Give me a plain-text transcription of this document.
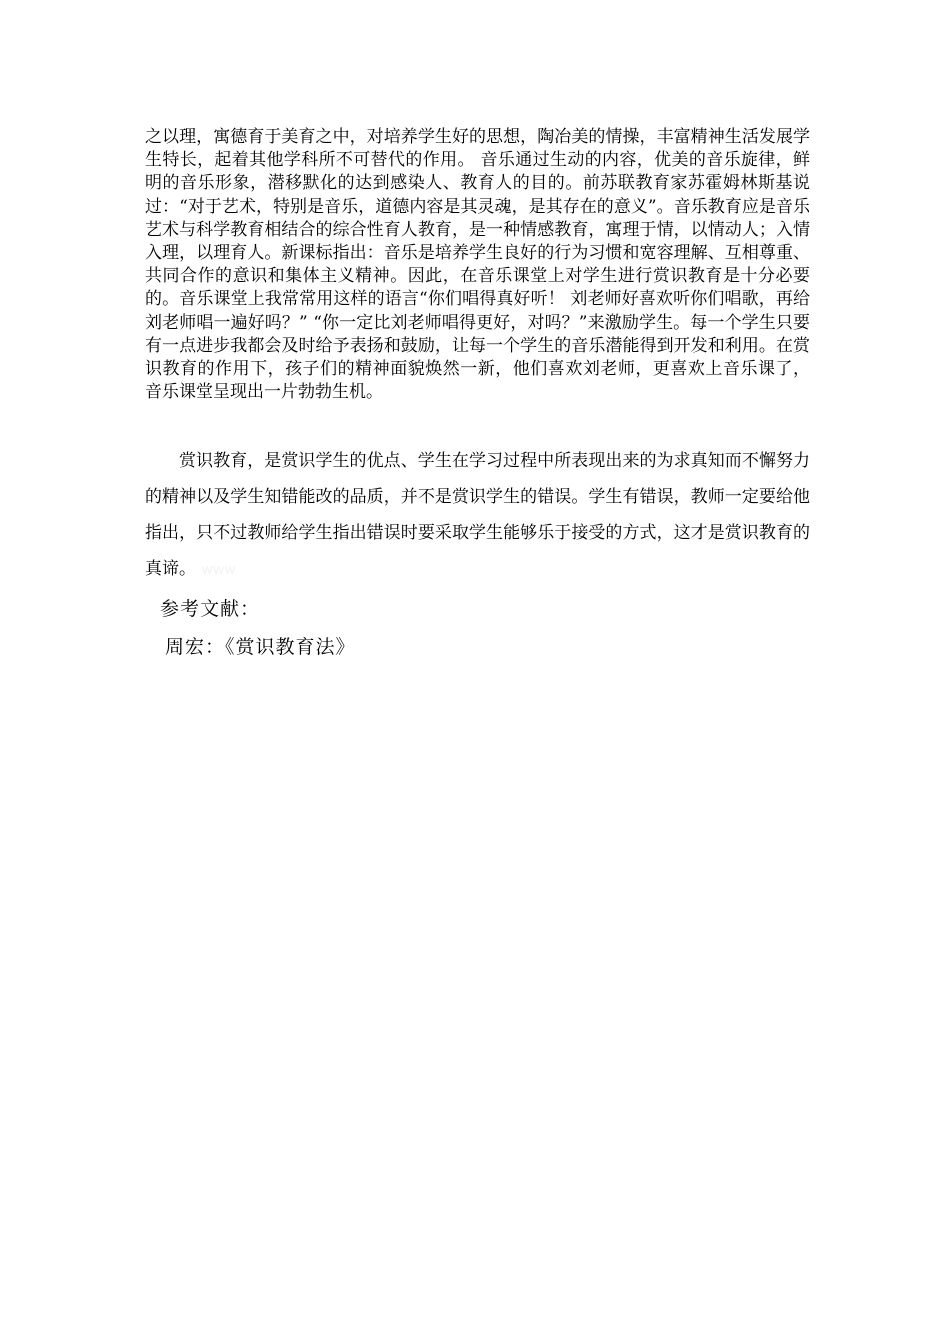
之以理，寓德育于美育之中，对培养学生好的思想，陶冶美的情操，丰富精神生活发展学生特长，起着其他学科所不可替代的作用。 音乐通过生动的内容，优美的音乐旋律，鲜明的音乐形象，潜移默化的达到感染人、教育人的目的。前苏联教育家苏霍姆林斯基说过：“对于艺术，特别是音乐，道德内容是其灵魂，是其存在的意义”。音乐教育应是音乐艺术与科学教育相结合的综合性育人教育，是一种情感教育，寓理于情，以情动人；入情入理，以理育人。新课标指出：音乐是培养学生良好的行为习惯和宽容理解、互相尊重、共同合作的意识和集体主义精神。因此，在音乐课堂上对学生进行赏识教育是十分必要的。音乐课堂上我常常用这样的语言“你们唱得真好听！ 刘老师好喜欢听你们唱歌，再给刘老师唱一遍好吗？” “你一定比刘老师唱得更好，对吗？”来激励学生。每一个学生只要有一点进步我都会及时给予表扬和鼓励，让每一个学生的音乐潜能得到开发和利用。在赏识教育的作用下，孩子们的精神面貌焕然一新，他们喜欢刘老师，更喜欢上音乐课了， 音乐课堂呈现出一片勃勃生机。

赏识教育，是赏识学生的优点、学生在学习过程中所表现出来的为求真知而不懈努力的精神以及学生知错能改的品质，并不是赏识学生的错误。学生有错误，教师一定要给他指出，只不过教师给学生指出错误时要采取学生能够乐于接受的方式，这才是赏识教育的真谛。 WWW

参考文献：

周宏：《赏识教育法》
